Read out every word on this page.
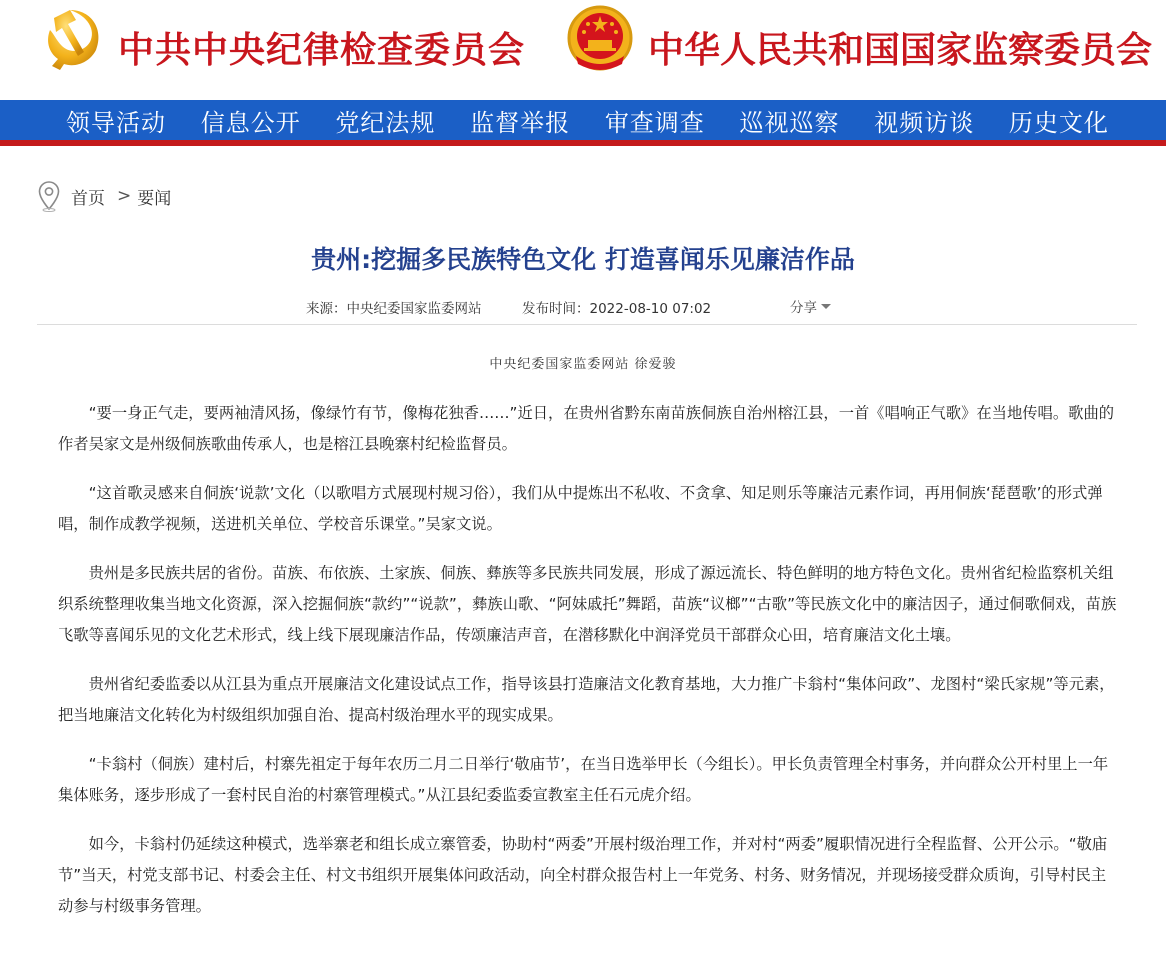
中共中央纪律检查委员会	中华人民共和国国家监察委员会
领导活动 信息公开 党纪法规 监督举报 审查调查 巡视巡察 视频访谈 历史文化
首页 > 要闻
贵州:挖掘多民族特色文化 打造喜闻乐见廉洁作品
来源：中央纪委国家监委网站	发布时间：2022-08-10 07:02	分享
中央纪委国家监委网站 徐爱骏

“要一身正气走，要两袖清风扬，像绿竹有节，像梅花独香……”近日，在贵州省黔东南苗族侗族自治州榕江县，一首《唱响正气歌》在当地传唱。歌曲的作者吴家文是州级侗族歌曲传承人，也是榕江县晚寨村纪检监督员。

“这首歌灵感来自侗族‘说款’文化（以歌唱方式展现村规习俗），我们从中提炼出不私收、不贪拿、知足则乐等廉洁元素作词，再用侗族‘琵琶歌’的形式弹唱，制作成教学视频，送进机关单位、学校音乐课堂。”吴家文说。

贵州是多民族共居的省份。苗族、布依族、土家族、侗族、彝族等多民族共同发展，形成了源远流长、特色鲜明的地方特色文化。贵州省纪检监察机关组织系统整理收集当地文化资源，深入挖掘侗族“款约”“说款”，彝族山歌、“阿妹戚托”舞蹈，苗族“议榔”“古歌”等民族文化中的廉洁因子，通过侗歌侗戏，苗族飞歌等喜闻乐见的文化艺术形式，线上线下展现廉洁作品，传颂廉洁声音，在潜移默化中润泽党员干部群众心田，培育廉洁文化土壤。

贵州省纪委监委以从江县为重点开展廉洁文化建设试点工作，指导该县打造廉洁文化教育基地，大力推广卡翁村“集体问政”、龙图村“梁氏家规”等元素，把当地廉洁文化转化为村级组织加强自治、提高村级治理水平的现实成果。

“卡翁村（侗族）建村后，村寨先祖定于每年农历二月二日举行‘敬庙节’，在当日选举甲长（今组长）。甲长负责管理全村事务，并向群众公开村里上一年集体账务，逐步形成了一套村民自治的村寨管理模式。”从江县纪委监委宣教室主任石元虎介绍。

如今，卡翁村仍延续这种模式，选举寨老和组长成立寨管委，协助村“两委”开展村级治理工作，并对村“两委”履职情况进行全程监督、公开公示。“敬庙节”当天，村党支部书记、村委会主任、村文书组织开展集体问政活动，向全村群众报告村上一年党务、村务、财务情况，并现场接受群众质询，引导村民主动参与村级事务管理。
